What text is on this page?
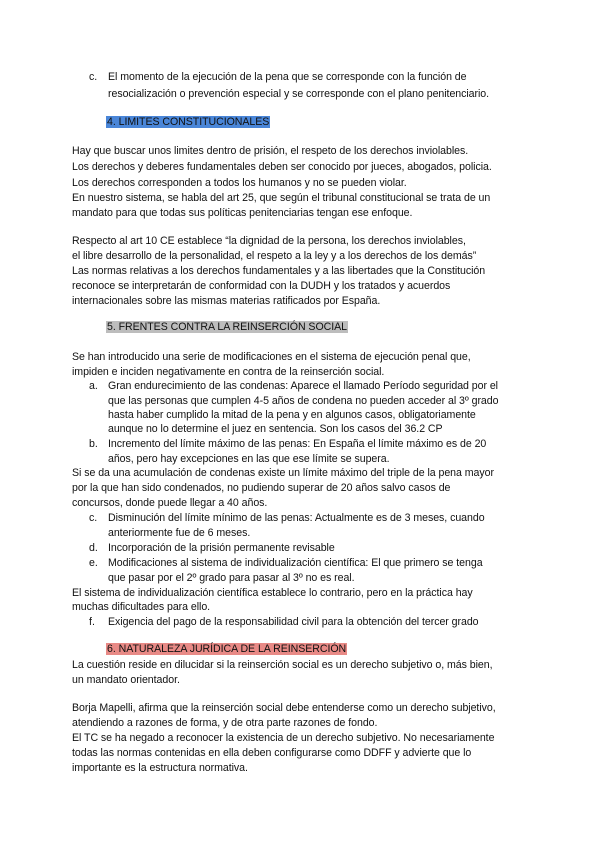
c. El momento de la ejecución de la pena que se corresponde con la función de
resocialización o prevención especial y se corresponde con el plano penitenciario.
4. LIMITES CONSTITUCIONALES
Hay que buscar unos limites dentro de prisión, el respeto de los derechos inviolables.
Los derechos y deberes fundamentales deben ser conocido por jueces, abogados, policia.
Los derechos corresponden a todos los humanos y no se pueden violar.
En nuestro sistema, se habla del art 25, que según el tribunal constitucional se trata de un
mandato para que todas sus políticas penitenciarias tengan ese enfoque.
Respecto al art 10 CE establece “la dignidad de la persona, los derechos inviolables,
el libre desarrollo de la personalidad, el respeto a la ley y a los derechos de los demás”
Las normas relativas a los derechos fundamentales y a las libertades que la Constitución
reconoce se interpretarán de conformidad con la DUDH y los tratados y acuerdos
internacionales sobre las mismas materias ratificados por España.
5. FRENTES CONTRA LA REINSERCIÓN SOCIAL
Se han introducido una serie de modificaciones en el sistema de ejecución penal que,
impiden e inciden negativamente en contra de la reinserción social.
a. Gran endurecimiento de las condenas: Aparece el llamado Período seguridad por el
que las personas que cumplen 4-5 años de condena no pueden acceder al 3º grado
hasta haber cumplido la mitad de la pena y en algunos casos, obligatoriamente
aunque no lo determine el juez en sentencia. Son los casos del 36.2 CP
b. Incremento del límite máximo de las penas: En España el límite máximo es de 20
años, pero hay excepciones en las que ese límite se supera.
Si se da una acumulación de condenas existe un límite máximo del triple de la pena mayor
por la que han sido condenados, no pudiendo superar de 20 años salvo casos de
concursos, donde puede llegar a 40 años.
c. Disminución del límite mínimo de las penas: Actualmente es de 3 meses, cuando
anteriormente fue de 6 meses.
d. Incorporación de la prisión permanente revisable
e. Modificaciones al sistema de individualización científica: El que primero se tenga
que pasar por el 2º grado para pasar al 3º no es real.
El sistema de individualización científica establece lo contrario, pero en la práctica hay
muchas dificultades para ello.
f. Exigencia del pago de la responsabilidad civil para la obtención del tercer grado
6. NATURALEZA JURÍDICA DE LA REINSERCIÓN
La cuestión reside en dilucidar si la reinserción social es un derecho subjetivo o, más bien,
un mandato orientador.
Borja Mapelli, afirma que la reinserción social debe entenderse como un derecho subjetivo,
atendiendo a razones de forma, y de otra parte razones de fondo.
El TC se ha negado a reconocer la existencia de un derecho subjetivo. No necesariamente
todas las normas contenidas en ella deben configurarse como DDFF y advierte que lo
importante es la estructura normativa.
